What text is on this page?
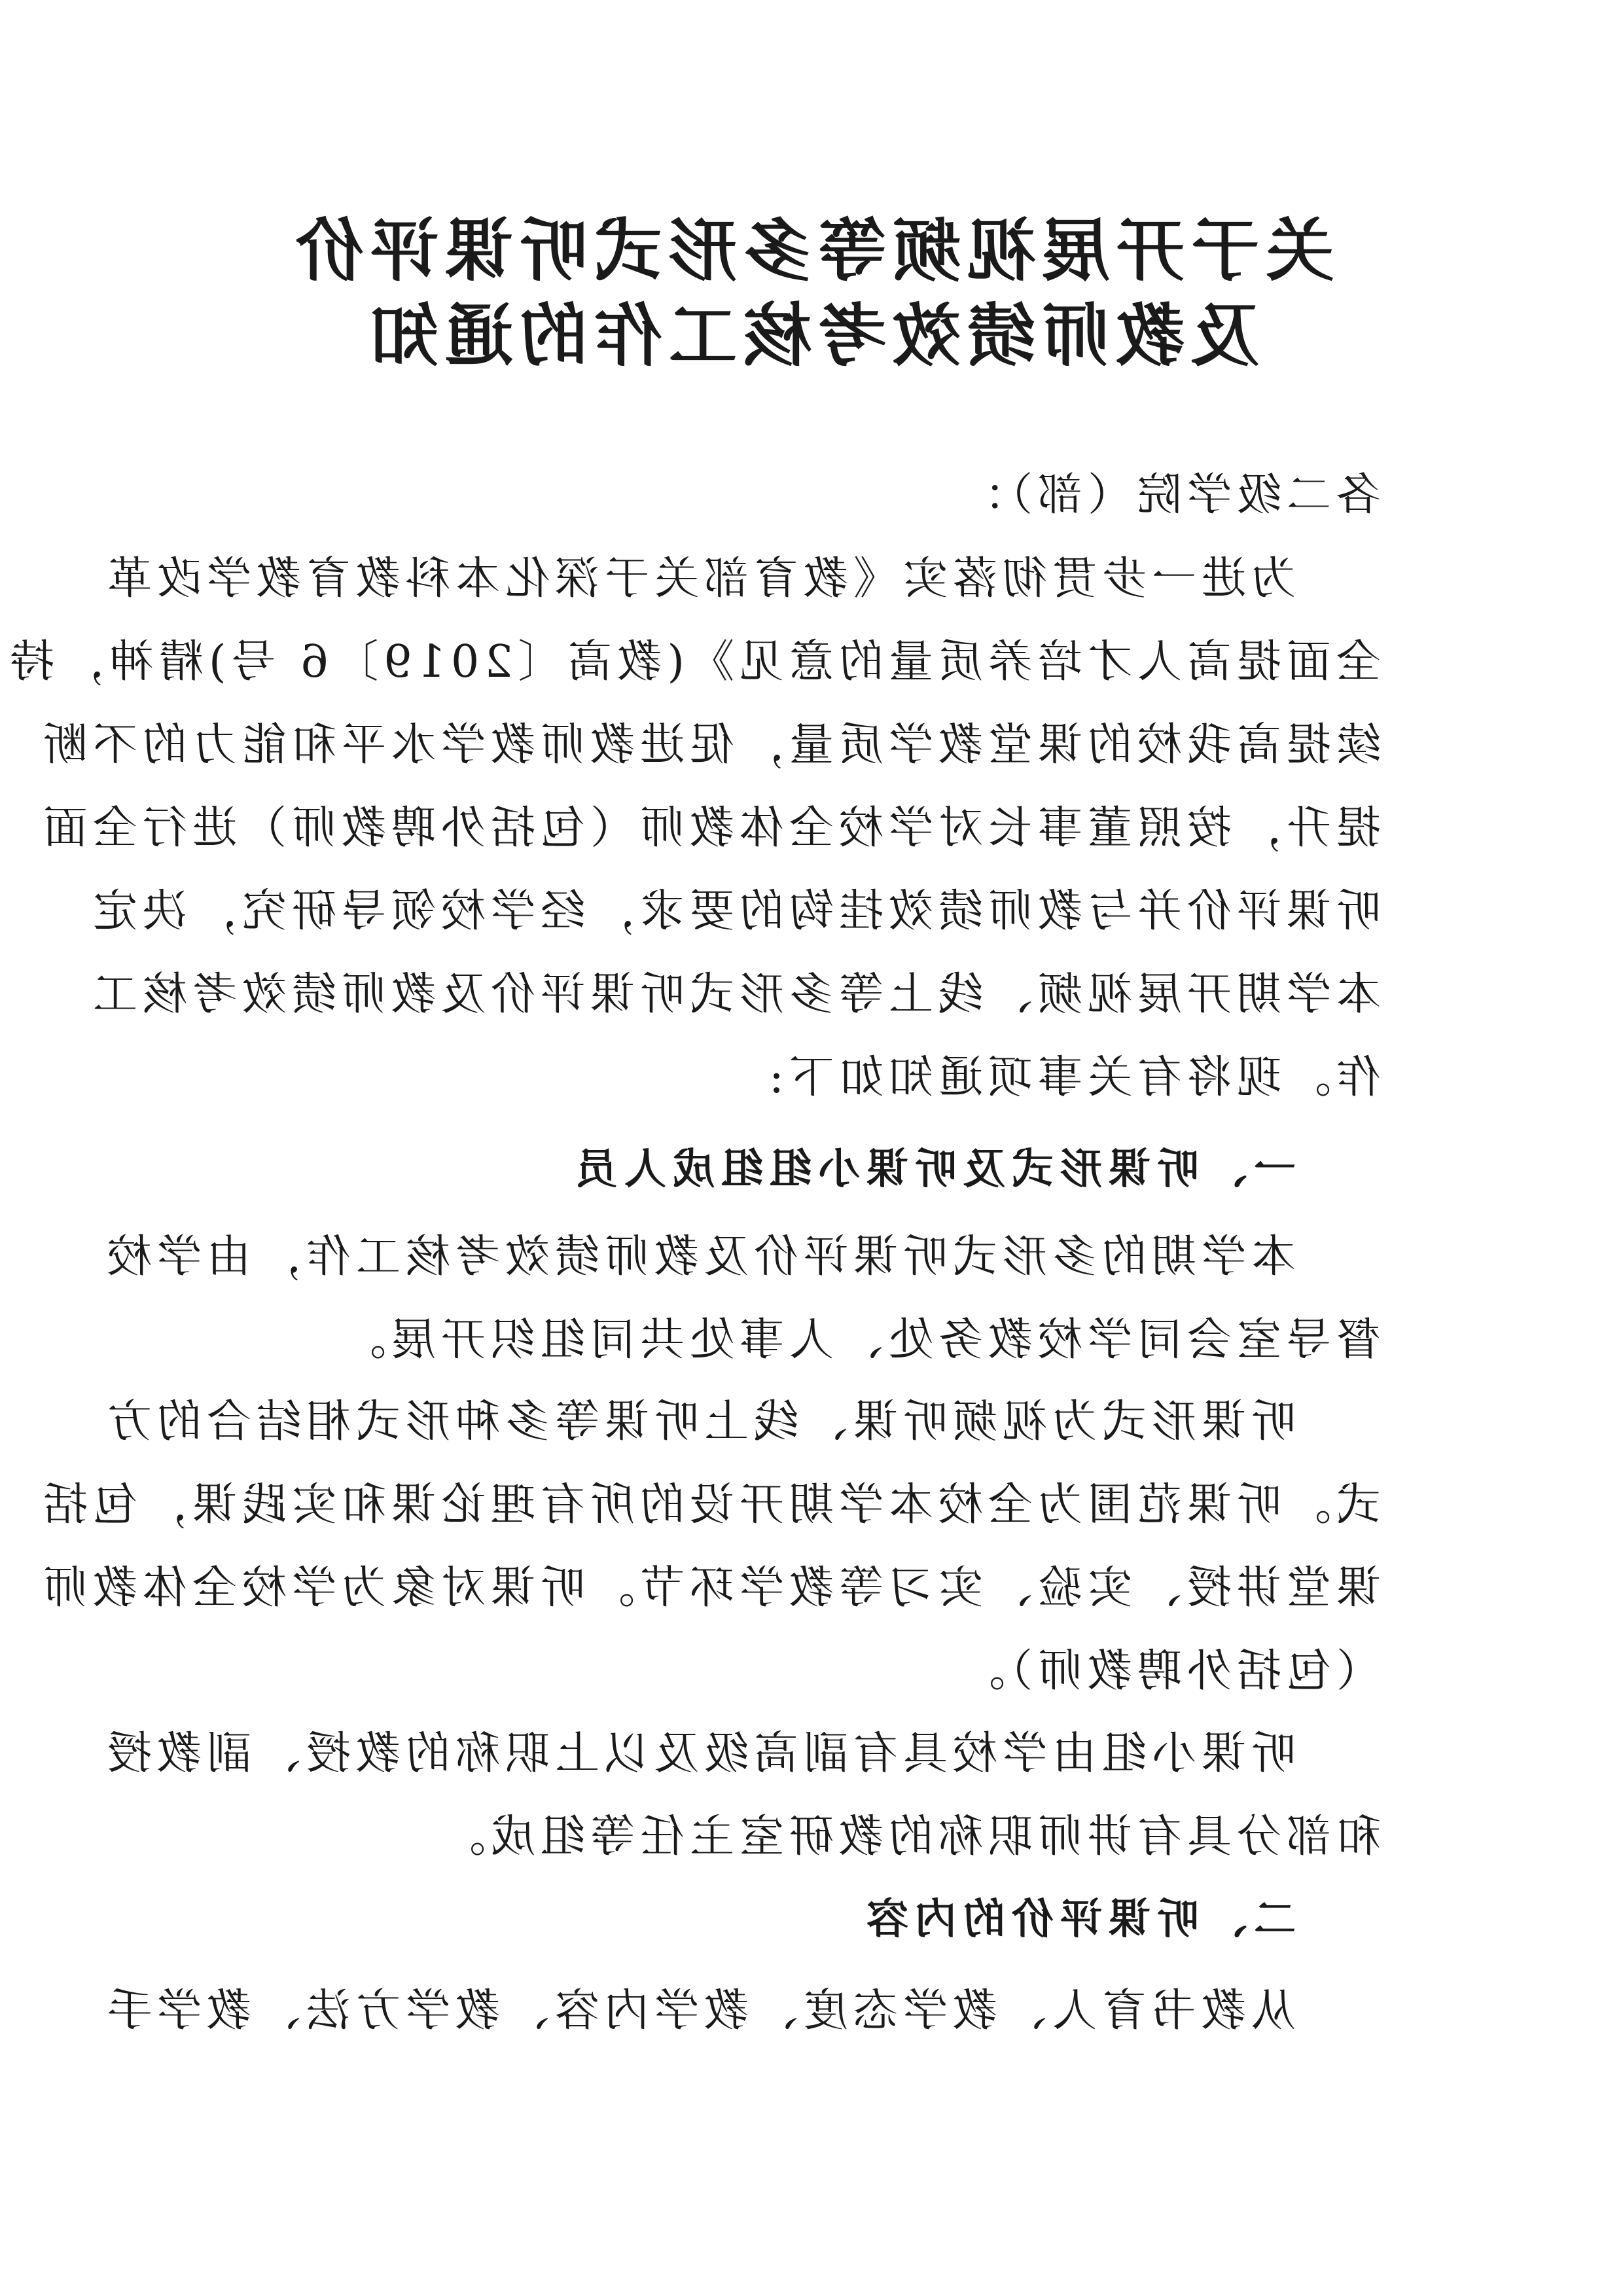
关于开展视频等多形式听课评价
及教师绩效考核工作的通知
各二级学院（部）：
为进一步贯彻落实《教育部关于深化本科教育教学改革
全面提高人才培养质量的意见》(教高〔2019〕6 号)精神，持
续提高我校的课堂教学质量，促进教师教学水平和能力的不断
提升，按照董事长对学校全体教师（包括外聘教师）进行全面
听课评价并与教师绩效挂钩的要求，经学校领导研究，决定
本学期开展视频、线上等多形式听课评价及教师绩效考核工
作。现将有关事项通知如下:
一、听课形式及听课小组组成人员
本学期的多形式听课评价及教师绩效考核工作，由学校
督导室会同学校教务处、人事处共同组织开展。
听课形式为视频听课、线上听课等多种形式相结合的方
式。听课范围为全校本学期开设的所有理论课和实践课，包括
课堂讲授、实验、实习等教学环节。听课对象为学校全体教师
（包括外聘教师）。
听课小组由学校具有副高级及以上职称的教授、副教授
和部分具有讲师职称的教研室主任等组成。
二、听课评价的内容
从教书育人、教学态度、教学内容、教学方法、教学手
